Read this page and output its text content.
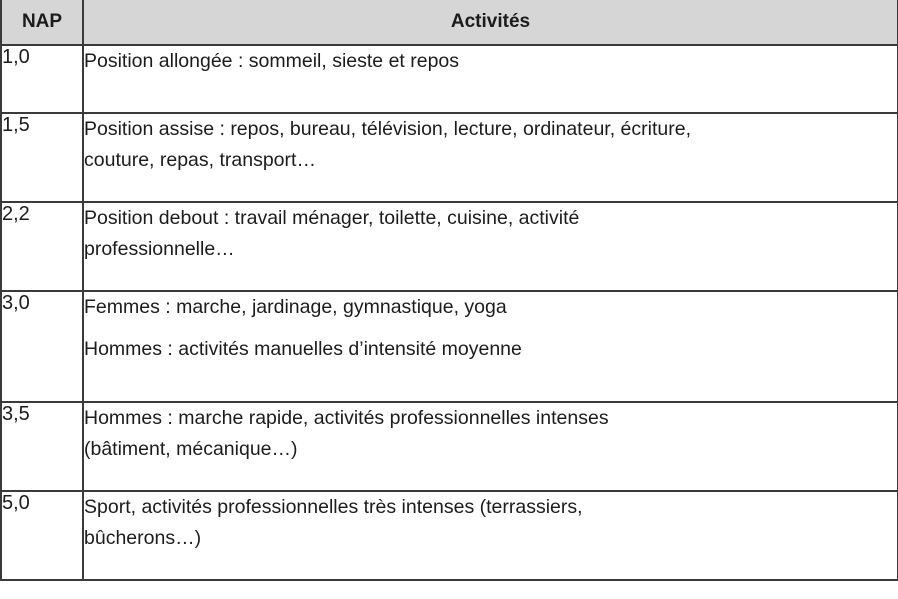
NAP	Activités
1,0	Position allongée : sommeil, sieste et repos

1,5	Position assise : repos, bureau, télévision, lecture, ordinateur, écriture,
couture, repas, transport…

2,2	Position debout : travail ménager, toilette, cuisine, activité
professionnelle…

3,0	Femmes : marche, jardinage, gymnastique, yoga
Hommes : activités manuelles d’intensité moyenne

3,5	Hommes : marche rapide, activités professionnelles intenses
(bâtiment, mécanique…)

5,0	Sport, activités professionnelles très intenses (terrassiers,
bûcherons…)
